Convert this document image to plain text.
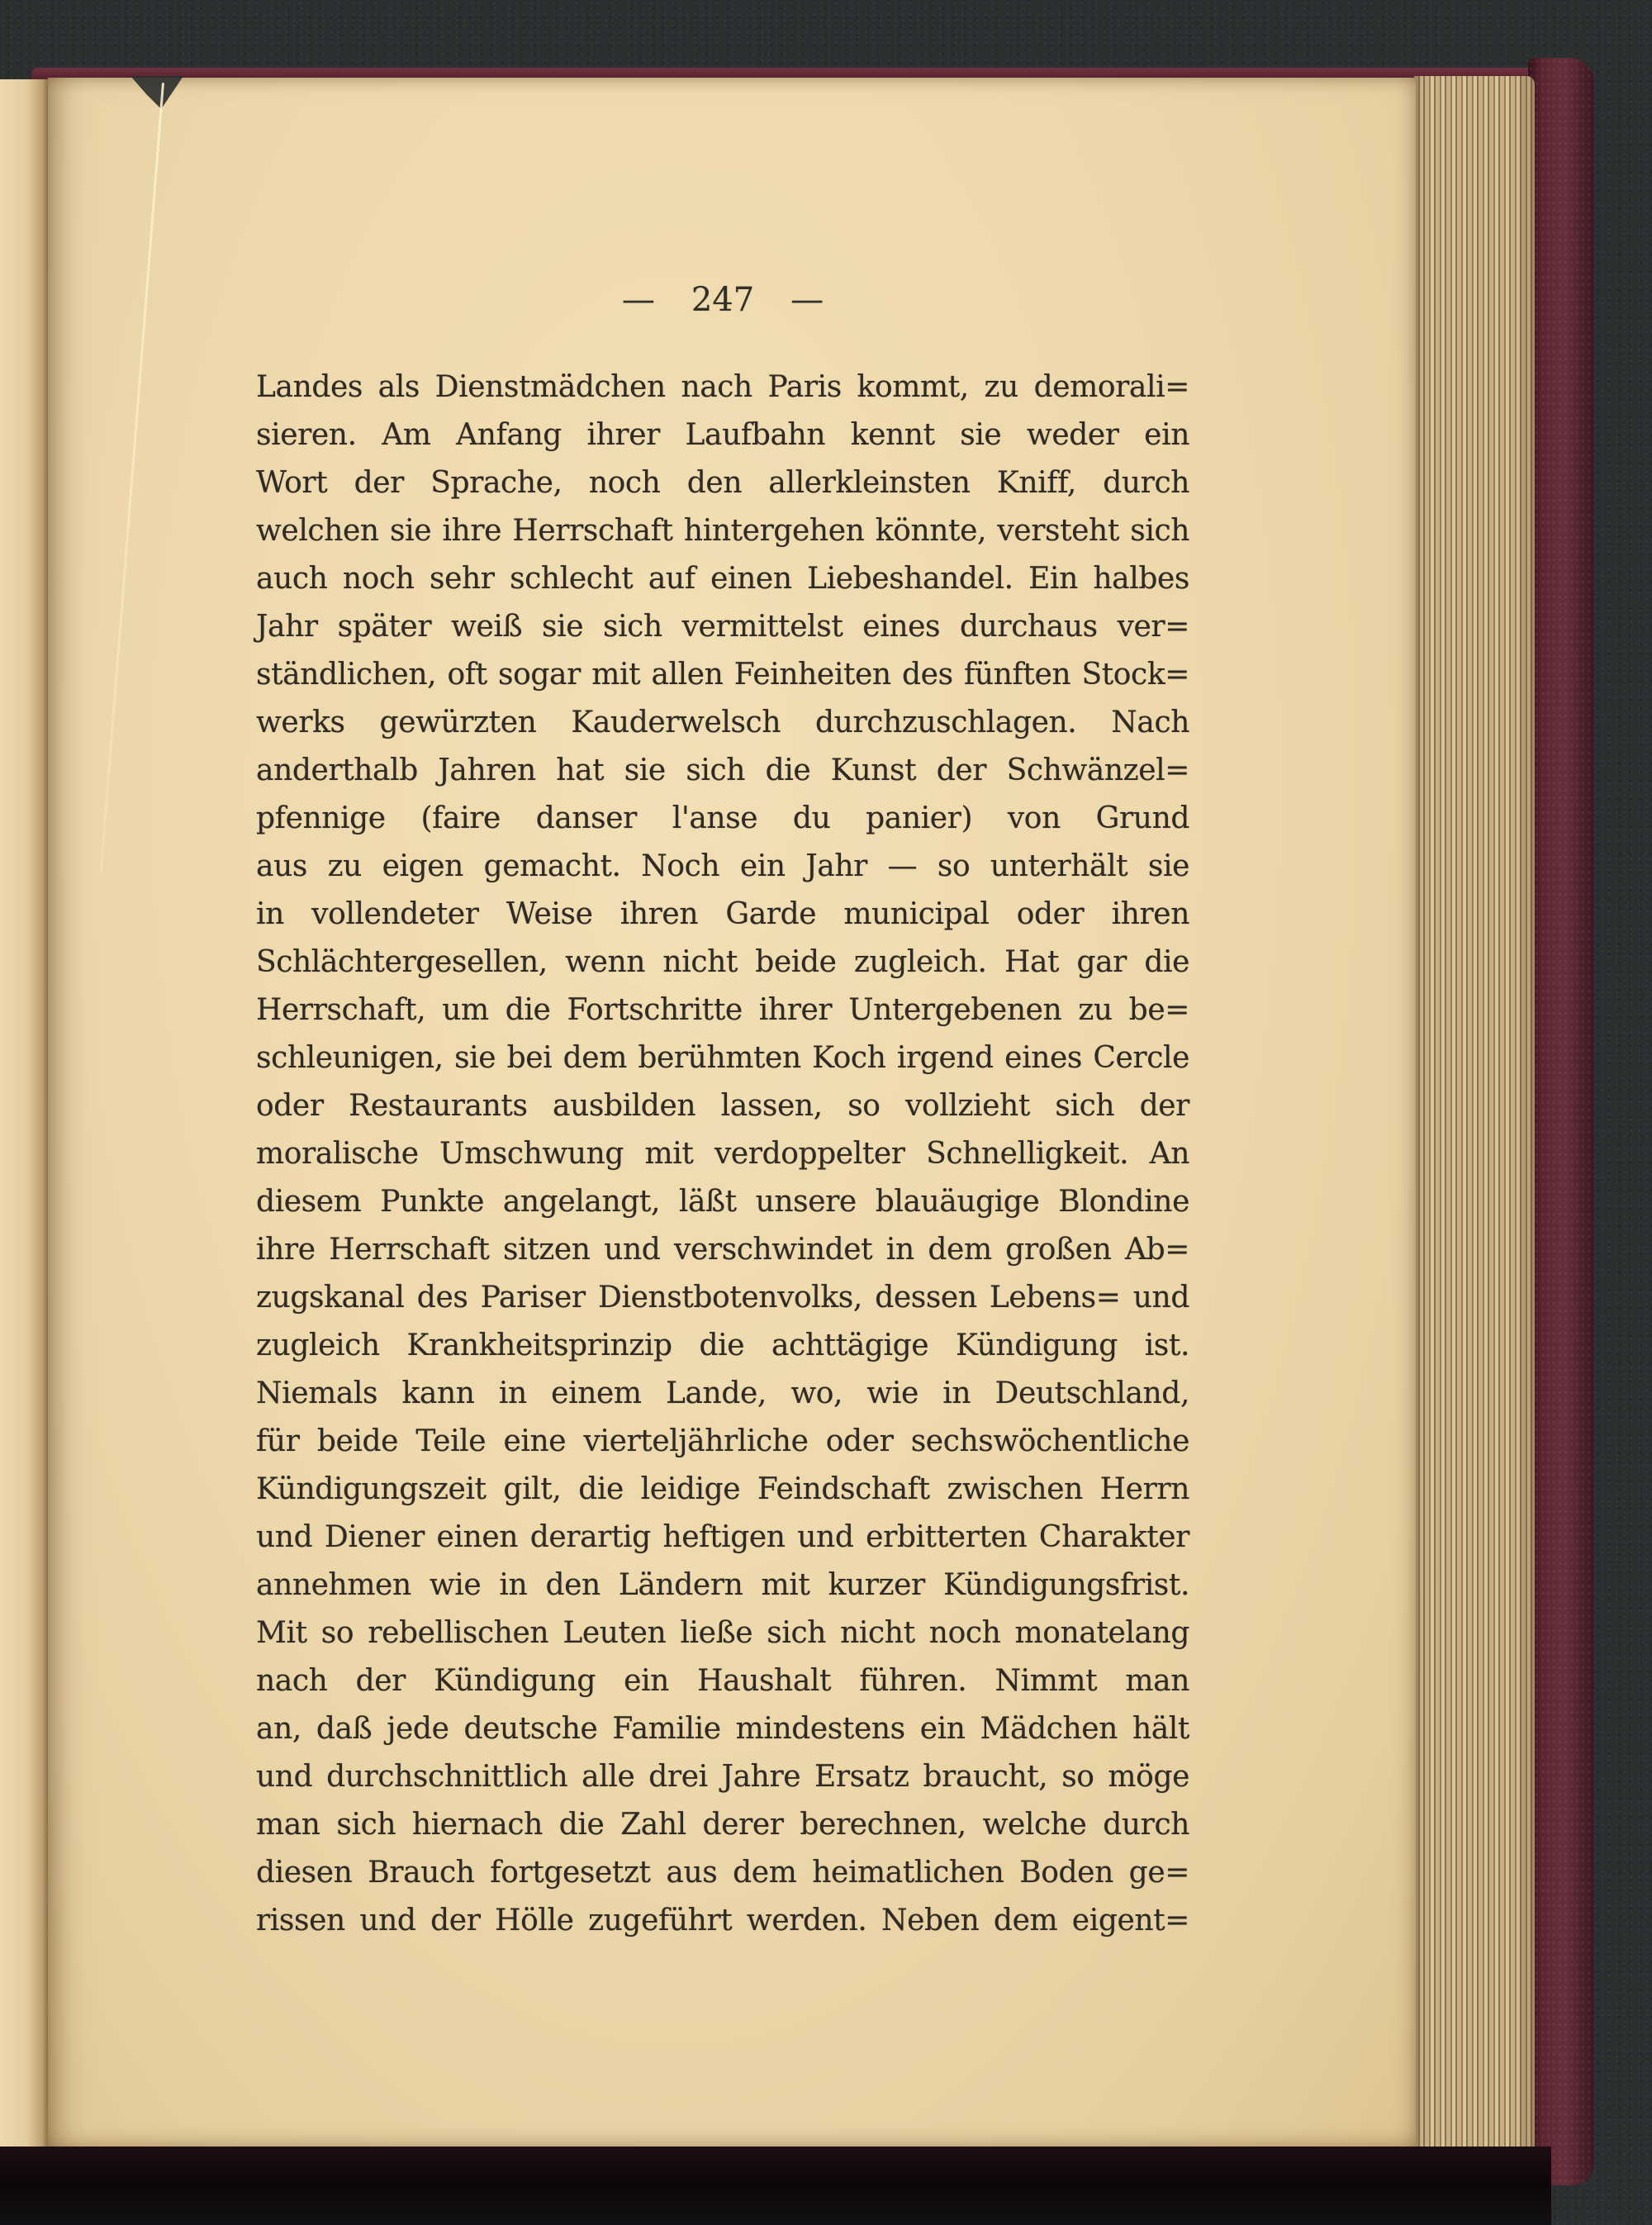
— 247 —
Landes als Dienstmädchen nach Paris kommt, zu demorali=
sieren. Am Anfang ihrer Laufbahn kennt sie weder ein
Wort der Sprache, noch den allerkleinsten Kniff, durch
welchen sie ihre Herrschaft hintergehen könnte, versteht sich
auch noch sehr schlecht auf einen Liebeshandel. Ein halbes
Jahr später weiß sie sich vermittelst eines durchaus ver=
ständlichen, oft sogar mit allen Feinheiten des fünften Stock=
werks gewürzten Kauderwelsch durchzuschlagen. Nach
anderthalb Jahren hat sie sich die Kunst der Schwänzel=
pfennige (faire danser l'anse du panier) von Grund
aus zu eigen gemacht. Noch ein Jahr — so unterhält sie
in vollendeter Weise ihren Garde municipal oder ihren
Schlächtergesellen, wenn nicht beide zugleich. Hat gar die
Herrschaft, um die Fortschritte ihrer Untergebenen zu be=
schleunigen, sie bei dem berühmten Koch irgend eines Cercle
oder Restaurants ausbilden lassen, so vollzieht sich der
moralische Umschwung mit verdoppelter Schnelligkeit. An
diesem Punkte angelangt, läßt unsere blauäugige Blondine
ihre Herrschaft sitzen und verschwindet in dem großen Ab=
zugskanal des Pariser Dienstbotenvolks, dessen Lebens= und
zugleich Krankheitsprinzip die achttägige Kündigung ist.
Niemals kann in einem Lande, wo, wie in Deutschland,
für beide Teile eine vierteljährliche oder sechswöchentliche
Kündigungszeit gilt, die leidige Feindschaft zwischen Herrn
und Diener einen derartig heftigen und erbitterten Charakter
annehmen wie in den Ländern mit kurzer Kündigungsfrist.
Mit so rebellischen Leuten ließe sich nicht noch monatelang
nach der Kündigung ein Haushalt führen. Nimmt man
an, daß jede deutsche Familie mindestens ein Mädchen hält
und durchschnittlich alle drei Jahre Ersatz braucht, so möge
man sich hiernach die Zahl derer berechnen, welche durch
diesen Brauch fortgesetzt aus dem heimatlichen Boden ge=
rissen und der Hölle zugeführt werden. Neben dem eigent=
